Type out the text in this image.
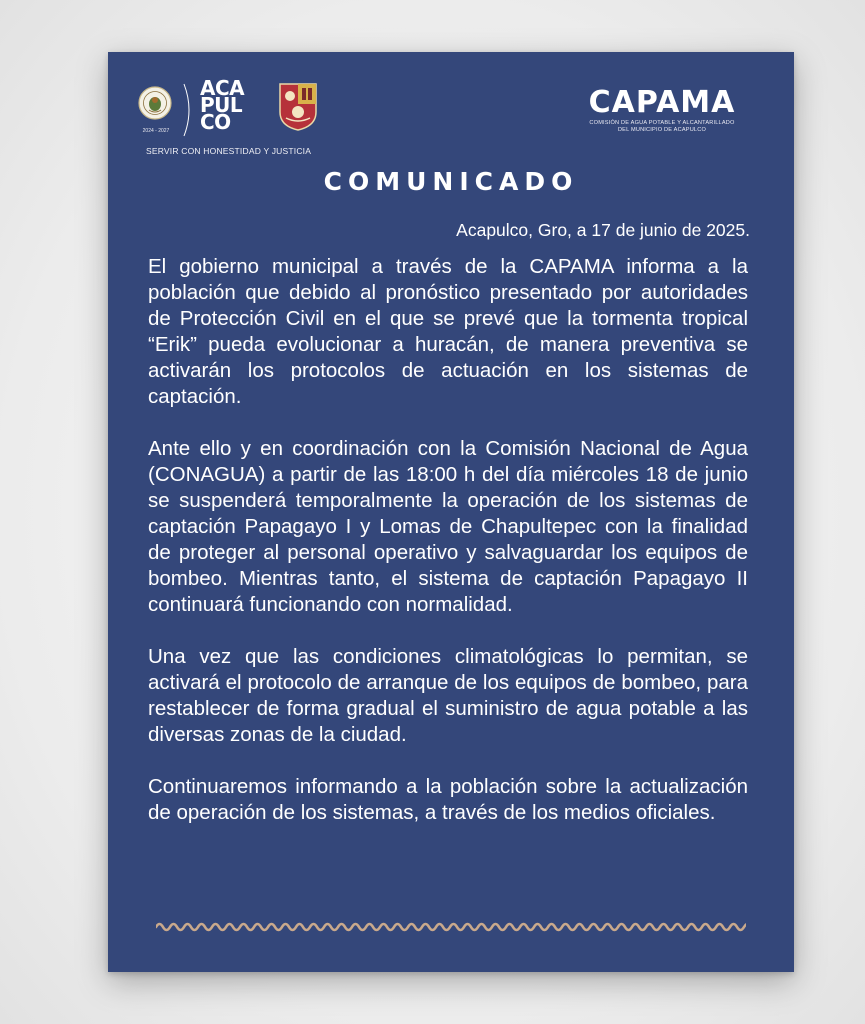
2024 - 2027
ACA
PUL
CO
SERVIR CON HONESTIDAD Y JUSTICIA
CAPAMA
COMISIÓN DE AGUA POTABLE Y ALCANTARILLADO
DEL MUNICIPIO DE ACAPULCO
COMUNICADO
Acapulco, Gro, a 17 de junio de 2025.

El gobierno municipal a través de la CAPAMA informa a la población que debido al pronóstico presentado por autoridades de Protección Civil en el que se prevé que la tormenta tropical “Erik” pueda evolucionar a huracán, de manera preventiva se activarán los protocolos de actuación en los sistemas de captación.

Ante ello y en coordinación con la Comisión Nacional de Agua (CONAGUA) a partir de las 18:00 h del día miércoles 18 de junio se suspenderá temporalmente la operación de los sistemas de captación Papagayo I y Lomas de Chapultepec con la finalidad de proteger al personal operativo y salvaguardar los equipos de bombeo. Mientras tanto, el sistema de captación Papagayo II continuará funcionando con normalidad.

Una vez que las condiciones climatológicas lo permitan, se activará el protocolo de arranque de los equipos de bombeo, para restablecer de forma gradual el suministro de agua potable a las diversas zonas de la ciudad.

Continuaremos informando a la población sobre la actualización de operación de los sistemas, a través de los medios oficiales.
